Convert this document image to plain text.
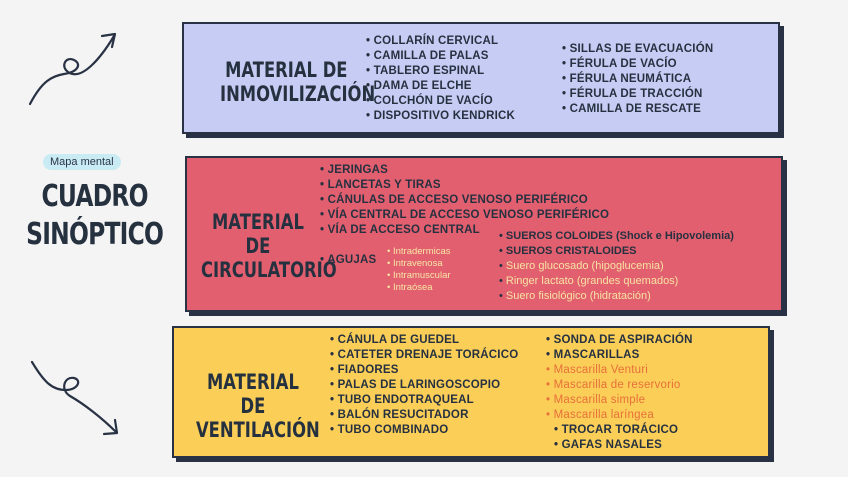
Mapa mental
CUADRO SINÓPTICO
MATERIAL DE INMOVILIZACIÓN
• COLLARÍN CERVICAL
• CAMILLA DE PALAS
• TABLERO ESPINAL
• DAMA DE ELCHE
• COLCHÓN DE VACÍO
• DISPOSITIVO KENDRICK
• SILLAS DE EVACUACIÓN
• FÉRULA DE VACÍO
• FÉRULA NEUMÁTICA
• FÉRULA DE TRACCIÓN
• CAMILLA DE RESCATE
MATERIAL DE CIRCULATORIO
• JERINGAS
• LANCETAS Y TIRAS
• CÁNULAS DE ACCESO VENOSO PERIFÉRICO
• VÍA CENTRAL DE ACCESO VENOSO PERIFÉRICO
• VÍA DE ACCESO CENTRAL
• AGUJAS
• Intradermicas
• Intravenosa
• Intramuscular
• Intraósea
• SUEROS COLOIDES (Shock e Hipovolemia)
• SUEROS CRISTALOIDES
• Suero glucosado (hipoglucemia)
• Ringer lactato (grandes quemados)
• Suero fisiológico (hidratación)
MATERIAL DE VENTILACIÓN
• CÁNULA DE GUEDEL
• CATETER DRENAJE TORÁCICO
• FIADORES
• PALAS DE LARINGOSCOPIO
• TUBO ENDOTRAQUEAL
• BALÓN RESUCITADOR
• TUBO COMBINADO
• SONDA DE ASPIRACIÓN
• MASCARILLAS
• Mascarilla Venturi
• Mascarilla de reservorio
• Mascarilla simple
• Mascarilla laríngea
• TROCAR TORÁCICO
• GAFAS NASALES
